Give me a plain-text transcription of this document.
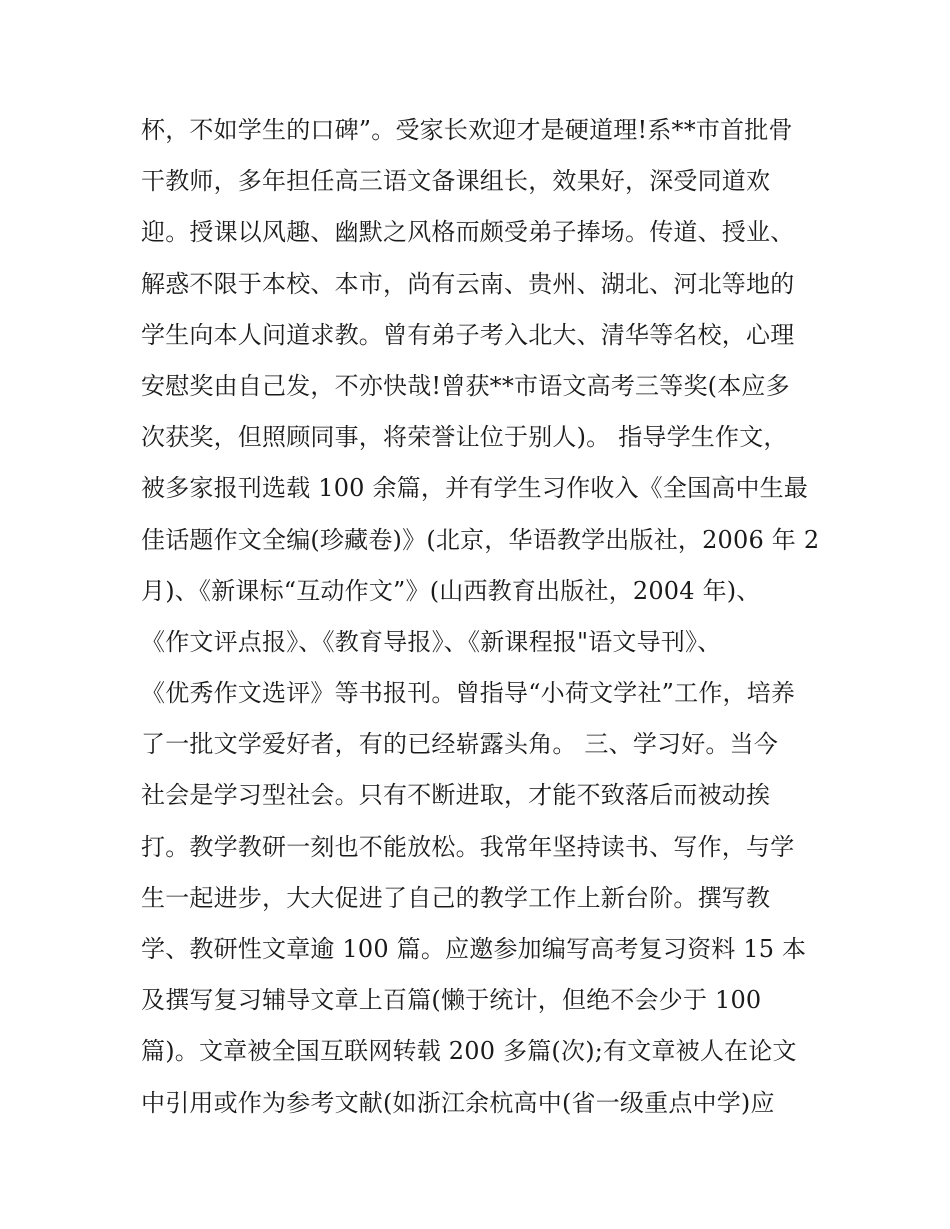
杯，不如学生的口碑”。受家长欢迎才是硬道理!系**市首批骨
干教师，多年担任高三语文备课组长，效果好，深受同道欢
迎。授课以风趣、幽默之风格而颇受弟子捧场。传道、授业、
解惑不限于本校、本市，尚有云南、贵州、湖北、河北等地的
学生向本人问道求教。曾有弟子考入北大、清华等名校，心理
安慰奖由自己发，不亦快哉!曾获**市语文高考三等奖(本应多
次获奖，但照顾同事，将荣誉让位于别人)。 指导学生作文，
被多家报刊选载 100 余篇，并有学生习作收入《全国高中生最
佳话题作文全编(珍藏卷)》(北京，华语教学出版社，2006 年 2
月)、《新课标“互动作文”》(山西教育出版社，2004 年)、
《作文评点报》、《教育导报》、《新课程报"语文导刊》、
《优秀作文选评》等书报刊。曾指导“小荷文学社”工作，培养
了一批文学爱好者，有的已经崭露头角。 三、学习好。当今
社会是学习型社会。只有不断进取，才能不致落后而被动挨
打。教学教研一刻也不能放松。我常年坚持读书、写作，与学
生一起进步，大大促进了自己的教学工作上新台阶。撰写教
学、教研性文章逾 100 篇。应邀参加编写高考复习资料 15 本
及撰写复习辅导文章上百篇(懒于统计，但绝不会少于 100
篇)。文章被全国互联网转载 200 多篇(次);有文章被人在论文
中引用或作为参考文献(如浙江余杭高中(省一级重点中学)应
